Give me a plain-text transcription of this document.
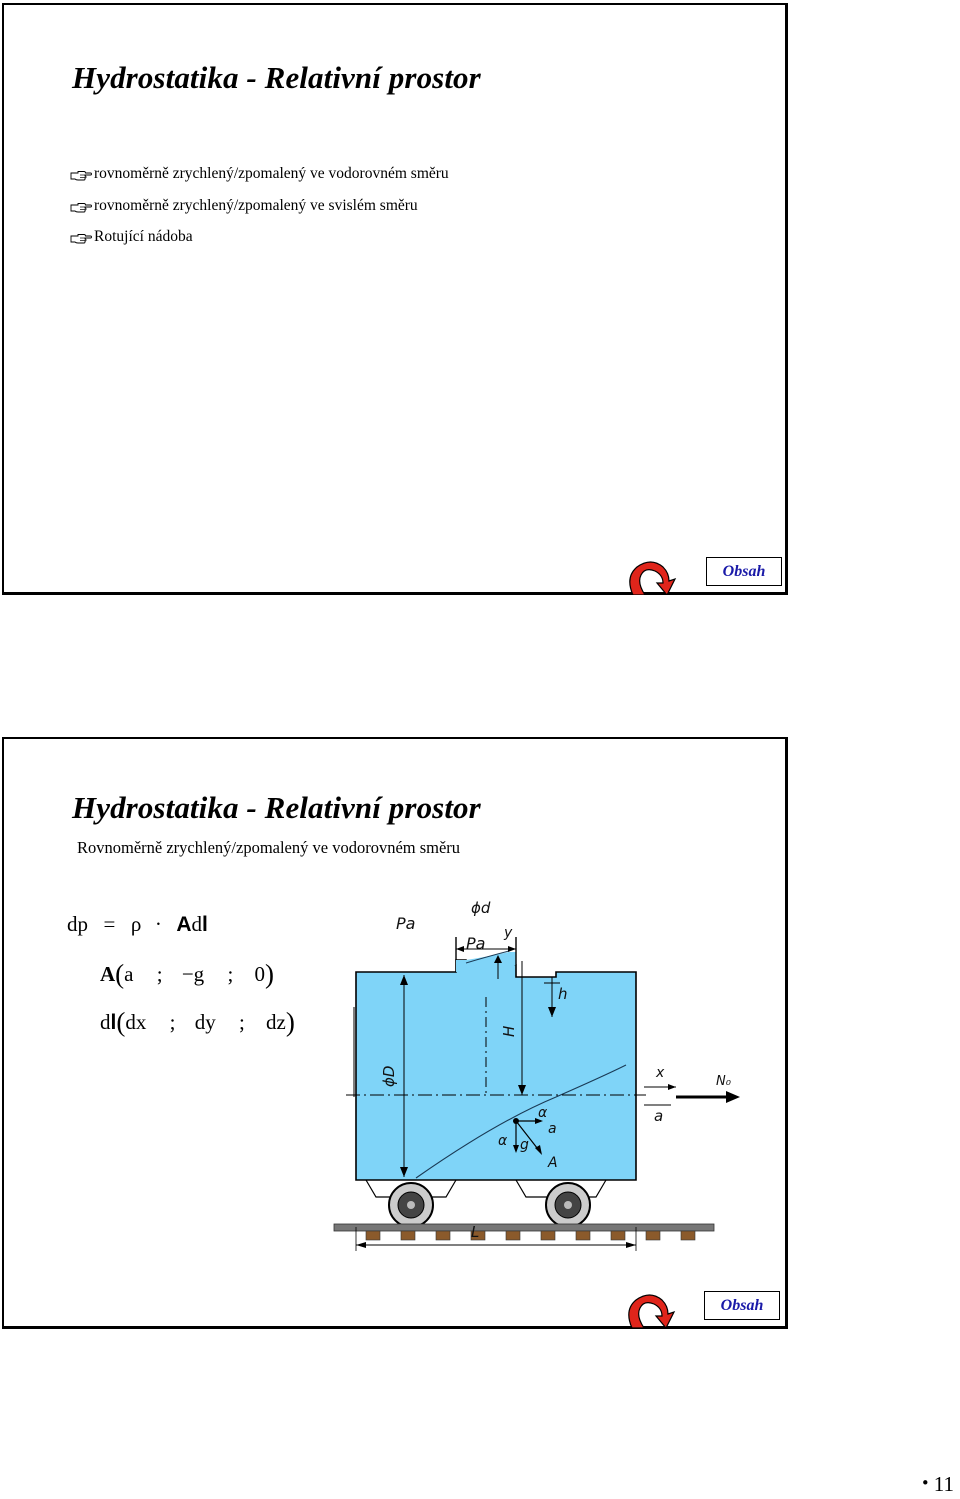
Hydrostatika - Relativní prostor
rovnoměrně zrychlený/zpomalený ve vodorovném směru
rovnoměrně zrychlený/zpomalený ve svislém směru
Rotující nádoba
Obsah
Hydrostatika - Relativní prostor
Rovnoměrně zrychlený/zpomalený ve vodorovném směru
dp = ρ · Adl
A(a ; −g ; 0)
dl(dx ; dy ; dz)
Pa
Pa
ϕd
y
h
H
ϕD	x
a
N₀
α
α
a
g
A
L
Obsah
• 11
